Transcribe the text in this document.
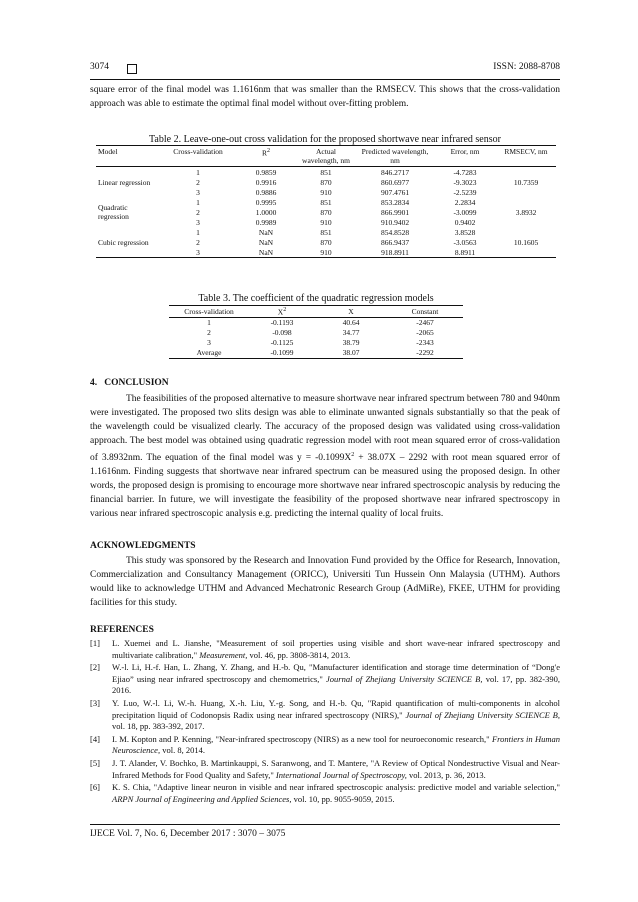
3074	ISSN: 2088-8708

square error of the final model was 1.1616nm that was smaller than the RMSECV. This shows that the cross-validation approach was able to estimate the optimal final model without over-fitting problem.

Table 2. Leave-one-out cross validation for the proposed shortwave near infrared sensor
Model	Cross-validation	$R^2$	Actual wavelength, nm	Predicted wavelength, nm	Error, nm	RMSECV, nm
Linear regression	1	0.9859	851	846.2717	-4.7283	10.7359
	2	0.9916	870	860.6977	-9.3023	
	3	0.9886	910	907.4761	-2.5239	
Quadratic regression	1	0.9995	851	853.2834	2.2834	3.8932
	2	1.0000	870	866.9901	-3.0099	
	3	0.9989	910	910.9402	0.9402	
Cubic regression	1	NaN	851	854.8528	3.8528	10.1605
	2	NaN	870	866.9437	-3.0563	
	3	NaN	910	918.8911	8.8911	
Table 3. The coefficient of the quadratic regression models
Cross-validation	$X^2$	X	Constant
1	-0.1193	40.64	-2467
2	-0.098	34.77	-2065
3	-0.1125	38.79	-2343
Average	-0.1099	38.07	-2292
4.   CONCLUSION

The feasibilities of the proposed alternative to measure shortwave near infrared spectrum between 780 and 940nm were investigated. The proposed two slits design was able to eliminate unwanted signals substantially so that the peak of the wavelength could be visualized clearly. The accuracy of the proposed design was validated using cross-validation approach. The best model was obtained using quadratic regression model with root mean squared error of cross-validation of 3.8932nm. The equation of the final model was $y = -0.1099X^2 + 38.07X - 2292$ with root mean squared error of 1.1616nm. Finding suggests that shortwave near infrared spectrum can be measured using the proposed design. In other words, the proposed design is promising to encourage more shortwave near infrared spectroscopic analysis by reducing the financial barrier. In future, we will investigate the feasibility of the proposed shortwave near infrared spectroscopy in various near infrared spectroscopic analysis e.g. predicting the internal quality of local fruits.

ACKNOWLEDGMENTS

This study was sponsored by the Research and Innovation Fund provided by the Office for Research, Innovation, Commercialization and Consultancy Management (ORICC), Universiti Tun Hussein Onn Malaysia (UTHM). Authors would like to acknowledge UTHM and Advanced Mechatronic Research Group (AdMiRe), FKEE, UTHM for providing facilities for this study.

REFERENCES
[1] L. Xuemei and L. Jianshe, "Measurement of soil properties using visible and short wave-near infrared spectroscopy and multivariate calibration," Measurement, vol. 46, pp. 3808-3814, 2013.
[2] W.-l. Li, H.-f. Han, L. Zhang, Y. Zhang, and H.-b. Qu, "Manufacturer identification and storage time determination of “Dong'e Ejiao” using near infrared spectroscopy and chemometrics," Journal of Zhejiang University SCIENCE B, vol. 17, pp. 382-390, 2016.
[3] Y. Luo, W.-l. Li, W.-h. Huang, X.-h. Liu, Y.-g. Song, and H.-b. Qu, "Rapid quantification of multi-components in alcohol precipitation liquid of Codonopsis Radix using near infrared spectroscopy (NIRS)," Journal of Zhejiang University SCIENCE B, vol. 18, pp. 383-392, 2017.
[4] I. M. Kopton and P. Kenning, "Near-infrared spectroscopy (NIRS) as a new tool for neuroeconomic research," Frontiers in Human Neuroscience, vol. 8, 2014.
[5] J. T. Alander, V. Bochko, B. Martinkauppi, S. Saranwong, and T. Mantere, "A Review of Optical Nondestructive Visual and Near-Infrared Methods for Food Quality and Safety," International Journal of Spectroscopy, vol. 2013, p. 36, 2013.
[6] K. S. Chia, "Adaptive linear neuron in visible and near infrared spectroscopic analysis: predictive model and variable selection," ARPN Journal of Engineering and Applied Sciences, vol. 10, pp. 9055-9059, 2015.
IJECE Vol. 7, No. 6, December 2017 : 3070 – 3075
